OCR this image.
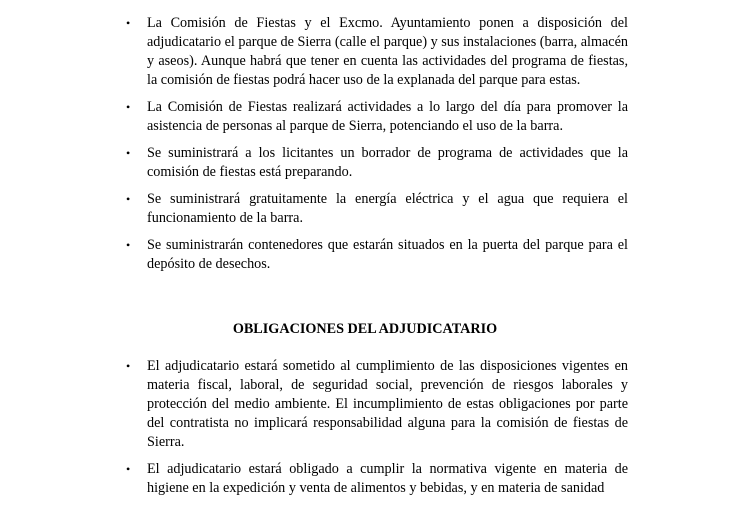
• La Comisión de Fiestas y el Excmo. Ayuntamiento ponen a disposición del adjudicatario el parque de Sierra (calle el parque) y sus instalaciones (barra, almacén y aseos). Aunque habrá que tener en cuenta las actividades del programa de fiestas, la comisión de fiestas podrá hacer uso de la explanada del parque para estas.
• La Comisión de Fiestas realizará actividades a lo largo del día para promover la asistencia de personas al parque de Sierra, potenciando el uso de la barra.
• Se suministrará a los licitantes un borrador de programa de actividades que la comisión de fiestas está preparando.
• Se suministrará gratuitamente la energía eléctrica y el agua que requiera el funcionamiento de la barra.
• Se suministrarán contenedores que estarán situados en la puerta del parque para el depósito de desechos.
OBLIGACIONES DEL ADJUDICATARIO
• El adjudicatario estará sometido al cumplimiento de las disposiciones vigentes en materia fiscal, laboral, de seguridad social, prevención de riesgos laborales y protección del medio ambiente. El incumplimiento de estas obligaciones por parte del contratista no implicará responsabilidad alguna para la comisión de fiestas de Sierra.
• El adjudicatario estará obligado a cumplir la normativa vigente en materia de higiene en la expedición y venta de alimentos y bebidas, y en materia de sanidad
